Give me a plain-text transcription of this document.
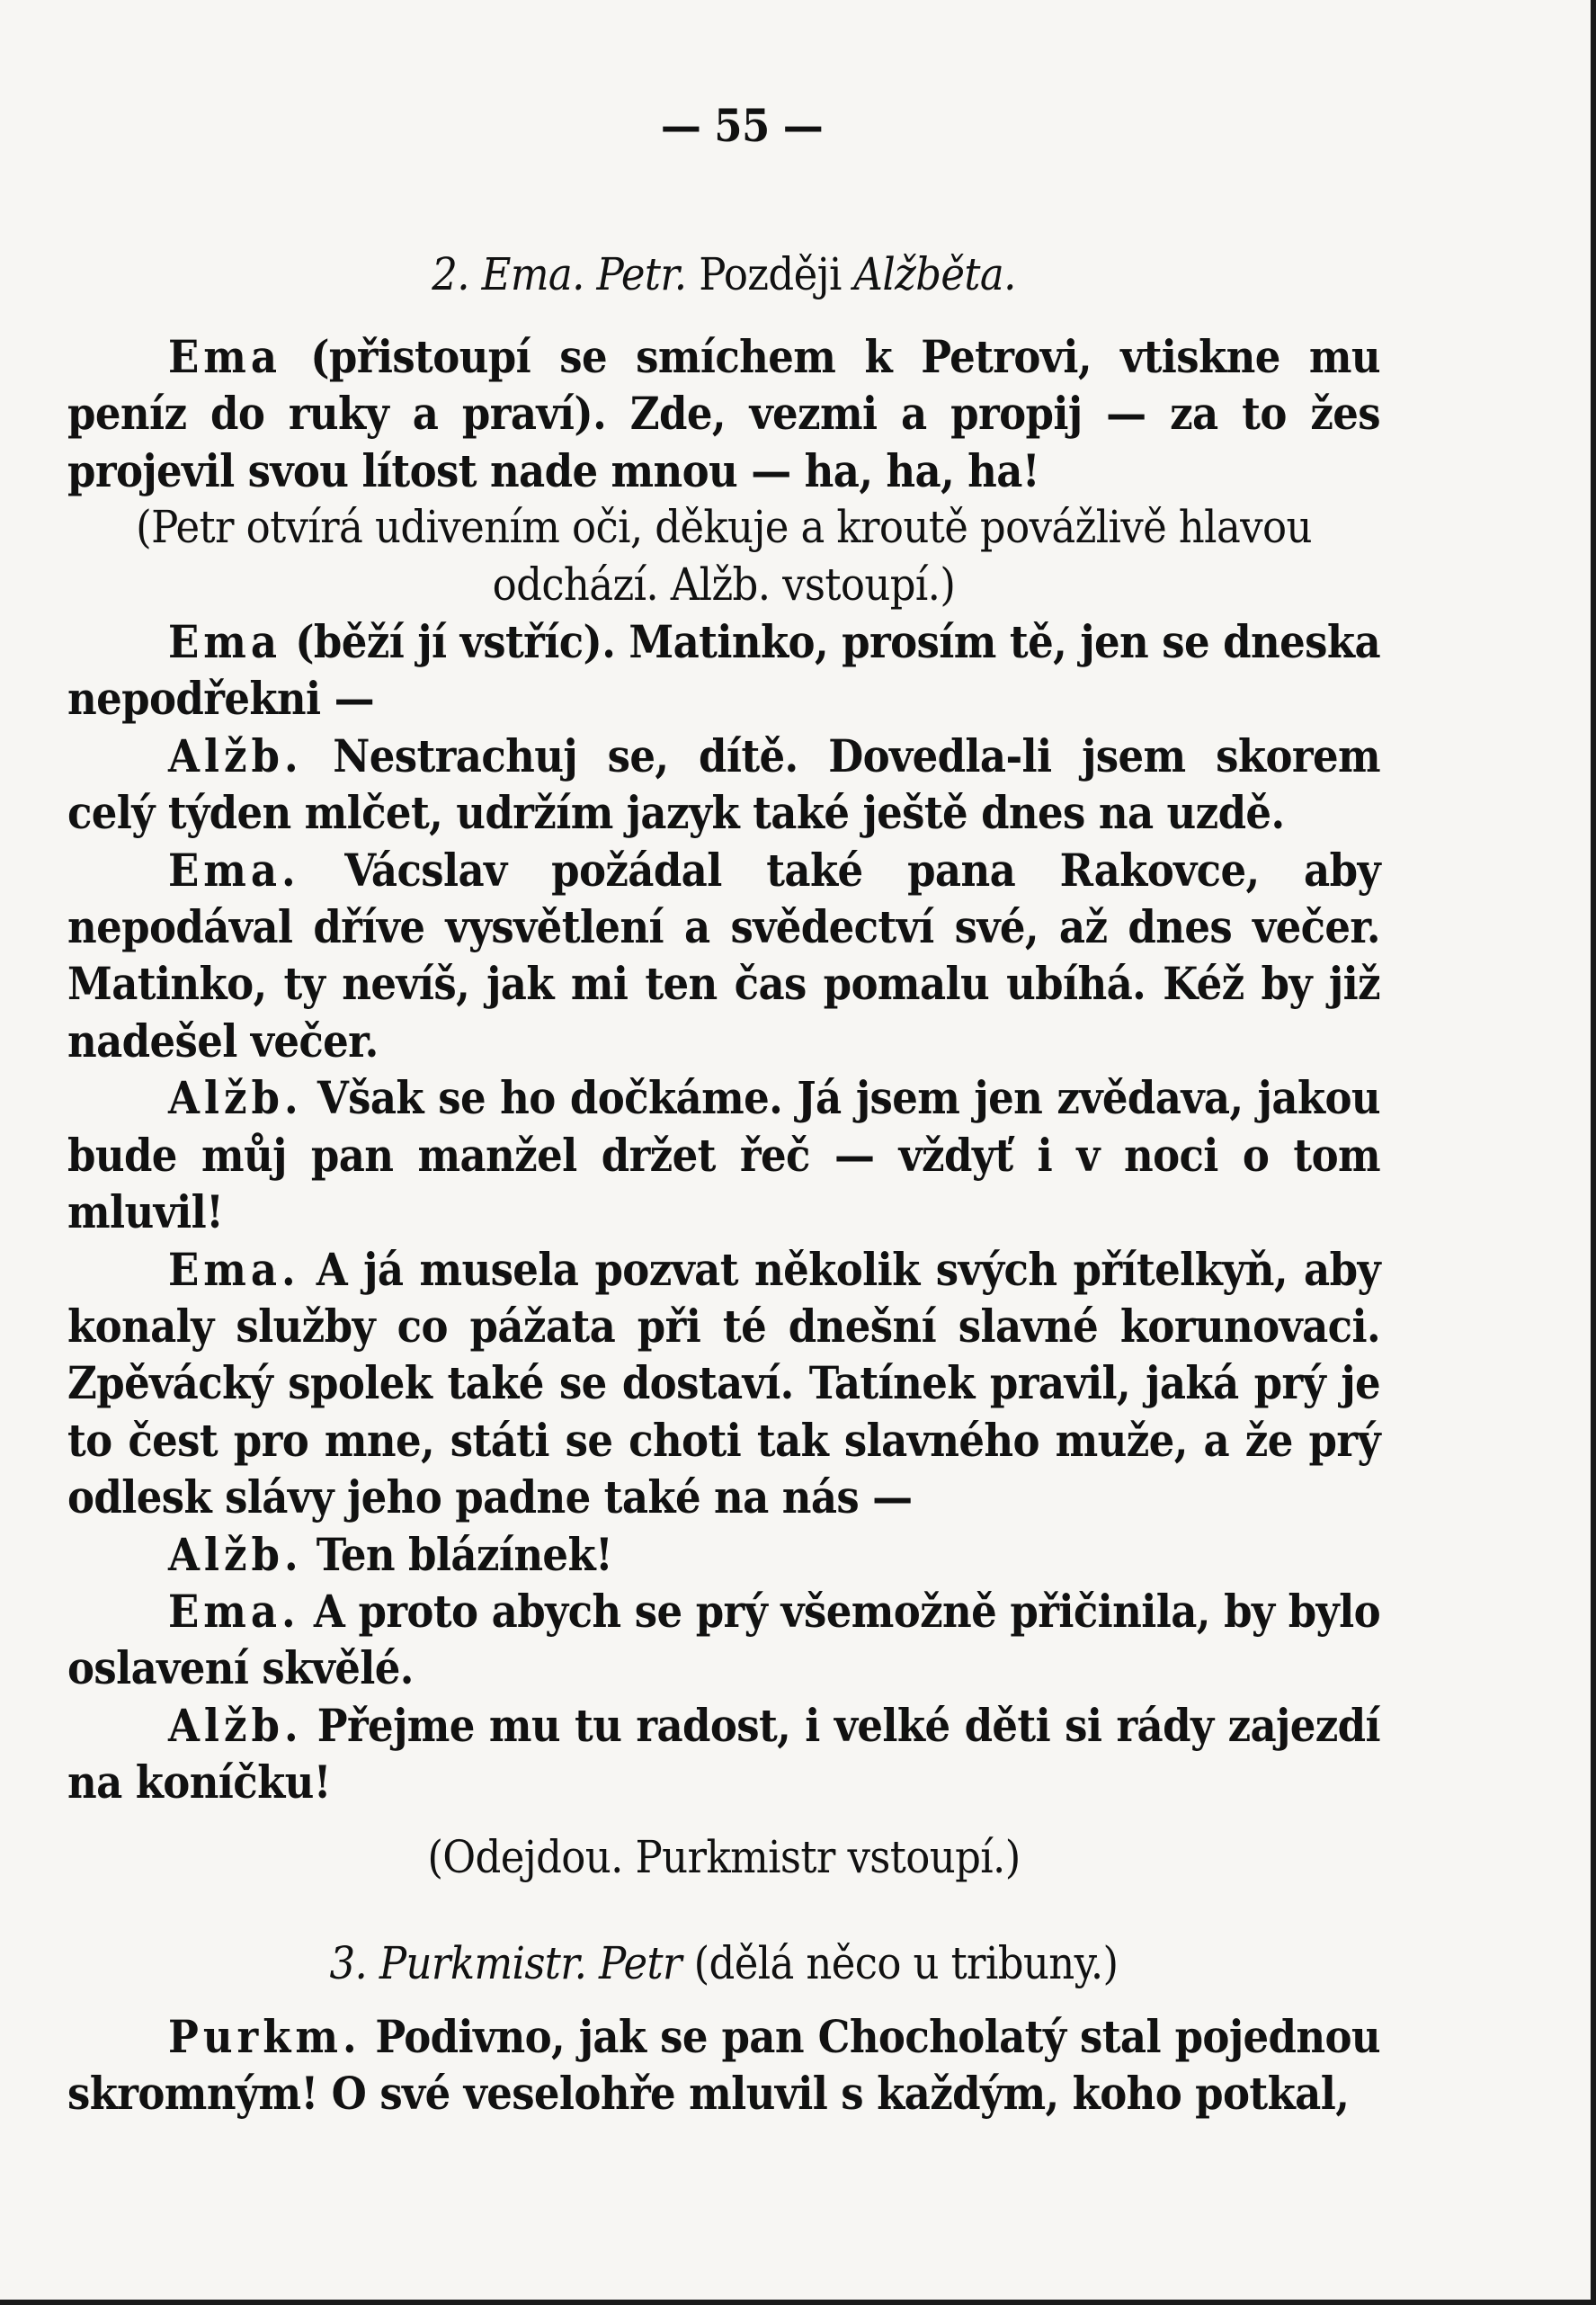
— 55 —
2. Ema. Petr. Později Alžběta.

Ema (přistoupí se smíchem k Petrovi, vtiskne mu peníz do ruky a praví). Zde, vezmi a propij — za to žes projevil svou lítost nade mnou — ha, ha, ha!

(Petr otvírá udivením oči, děkuje a kroutě povážlivě hlavou odchází. Alžb. vstoupí.)

Ema (běží jí vstříc). Matinko, prosím tě, jen se dneska nepodřekni —

Alžb. Nestrachuj se, dítě. Dovedla-li jsem skorem celý týden mlčet, udržím jazyk také ještě dnes na uzdě.

Ema. Vácslav požádal také pana Rakovce, aby nepodával dříve vysvětlení a svědectví své, až dnes večer. Matinko, ty nevíš, jak mi ten čas pomalu ubíhá. Kéž by již nadešel večer.

Alžb. Však se ho dočkáme. Já jsem jen zvědava, jakou bude můj pan manžel držet řeč — vždyť i v noci o tom mluvil!

Ema. A já musela pozvat několik svých přítelkyň, aby konaly služby co pážata při té dnešní slavné korunovaci. Zpěvácký spolek také se dostaví. Tatínek pravil, jaká prý je to čest pro mne, státi se choti tak slavného muže, a že prý odlesk slávy jeho padne také na nás —

Alžb. Ten blázínek!

Ema. A proto abych se prý všemožně přičinila, by bylo oslavení skvělé.

Alžb. Přejme mu tu radost, i velké děti si rády zajezdí na koníčku!

(Odejdou. Purkmistr vstoupí.)

3. Purkmistr. Petr (dělá něco u tribuny.)

Purkm. Podivno, jak se pan Chocholatý stal pojednou skromným! O své veselohře mluvil s každým, koho potkal,
